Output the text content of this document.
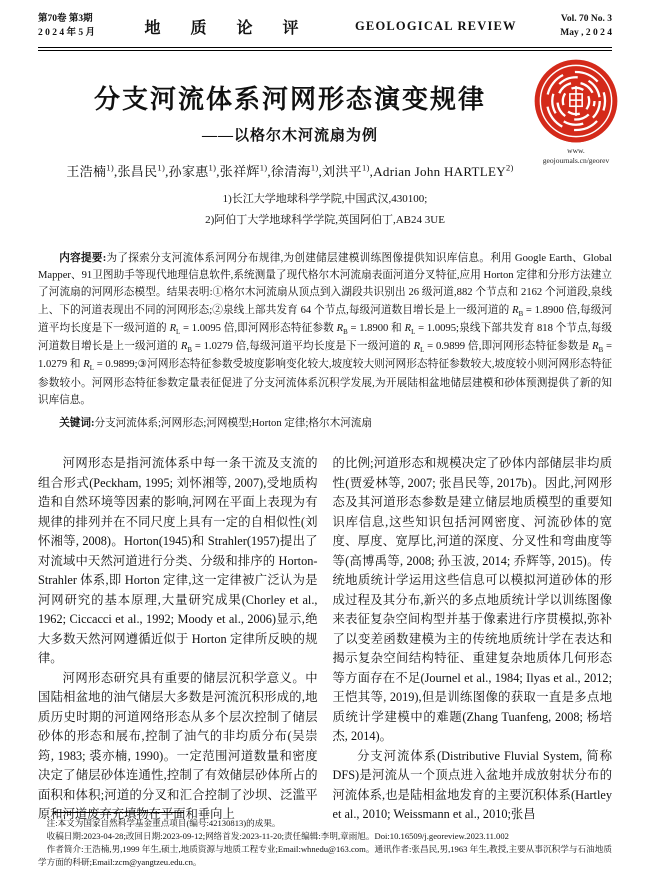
第70卷 第3期
2 0 2 4 年 5 月	地 质 论 评	GEOLOGICAL REVIEW	Vol. 70 No. 3
May , 2 0 2 4
www.
geojournals.cn/georev
分支河流体系河网形态演变规律
——以格尔木河流扇为例
王浩楠$^{1)}$,张昌民$^{1)}$,孙家惠$^{1)}$,张祥辉$^{1)}$,徐清海$^{1)}$,刘洪平$^{1)}$,Adrian John HARTLEY$^{2)}$
1)长江大学地球科学学院,中国武汉,430100;
2)阿伯丁大学地球科学学院,英国阿伯丁,AB24 3UE

内容提要:为了探索分支河流体系河网分布规律,为创建储层建模训练图像提供知识库信息。利用 Google Earth、Global Mapper、91卫图助手等现代地理信息软件,系统测量了现代格尔木河流扇表面河道分叉特征,应用 Horton 定律和分形方法建立了河流扇的河网形态模型。结果表明:①格尔木河流扇从顶点到入湖段共识别出 26 级河道,882 个节点和 2162 个河道段,泉线上、下的河道表现出不同的河网形态;②泉线上部共发育 64 个节点,每级河道数目增长是上一级河道的 $R_B = 1.8900$ 倍,每级河道平均长度是下一级河道的 $R_L = 1.0095$ 倍,即河网形态特征参数 $R_B = 1.8900$ 和 $R_L = 1.0095$;泉线下部共发育 818 个节点,每级河道数目增长是上一级河道的 $R_B = 1.0279$ 倍,每级河道平均长度是下一级河道的 $R_L = 0.9899$ 倍,即河网形态特征参数是 $R_B = 1.0279$ 和 $R_L$ = 0.9899;③河网形态特征参数受坡度影响变化较大,坡度较大则河网形态特征参数较大,坡度较小则河网形态特征参数较小。河网形态特征参数定量表征促进了分支河流体系沉积学发展,为开展陆相盆地储层建模和砂体预测提供了新的知识库信息。

关键词:分支河流体系;河网形态;河网模型;Horton 定律;格尔木河流扇

河网形态是指河流体系中每一条干流及支流的组合形式(Peckham, 1995; 刘怀湘等, 2007),受地质构造和自然环境等因素的影响,河网在平面上表现为有规律的排列并在不同尺度上具有一定的自相似性(刘怀湘等, 2008)。Horton(1945)和 Strahler(1957)提出了对流域中天然河道进行分类、分级和排序的 Horton-Strahler 体系,即 Horton 定律,这一定律被广泛认为是河网研究的基本原理,大量研究成果(Chorley et al., 1962; Ciccacci et al., 1992; Moody et al., 2006)显示,绝大多数天然河网遵循近似于 Horton 定律所反映的规律。

河网形态研究具有重要的储层沉积学意义。中国陆相盆地的油气储层大多数是河流沉积形成的,地质历史时期的河道网络形态从多个层次控制了储层砂体的形态和展布,控制了油气的非均质分布(吴崇筠, 1983; 裘亦楠, 1990)。一定范围河道数量和密度决定了储层砂体连通性,控制了有效储层砂体所占的面积和体积;河道的分叉和汇合控制了沙坝、泛滥平原和河道废弃充填物在平面和垂向上

的比例;河道形态和规模决定了砂体内部储层非均质性(贾爱林等, 2007; 张昌民等, 2017b)。因此,河网形态及其河道形态参数是建立储层地质模型的重要知识库信息,这些知识包括河网密度、河流砂体的宽度、厚度、宽厚比,河道的深度、分叉性和弯曲度等等(高博禹等, 2008; 孙玉波, 2014; 乔辉等, 2015)。传统地质统计学运用这些信息可以模拟河道砂体的形成过程及其分布,新兴的多点地质统计学以训练图像来表征复杂空间构型并基于像素进行序贯模拟,弥补了以变差函数建模为主的传统地质统计学在表达和揭示复杂空间结构特征、重建复杂地质体几何形态等方面存在不足(Journel et al., 1984; Ilyas et al., 2012; 王恺其等, 2019),但是训练图像的获取一直是多点地质统计学建模中的难题(Zhang Tuanfeng, 2008; 杨培杰, 2014)。

分支河流体系(Distributive Fluvial System, 简称DFS)是河流从一个顶点进入盆地并成放射状分布的河流体系,也是陆相盆地发育的主要沉积体系(Hartley et al., 2010; Weissmann et al., 2010;张昌

注:本文为国家自然科学基金重点项目(编号:42130813)的成果。

收稿日期:2023-04-28;改回日期:2023-09-12;网络首发:2023-11-20;责任编辑:李明,章雨旭。Doi:10.16509/j.georeview.2023.11.002

作者简介:王浩楠,男,1999 年生,硕士,地质资源与地质工程专业;Email:whnedu@163.com。通讯作者:张昌民,男,1963 年生,教授,主要从事沉积学与石油地质学方面的科研;Email:zcm@yangtzeu.edu.cn。
